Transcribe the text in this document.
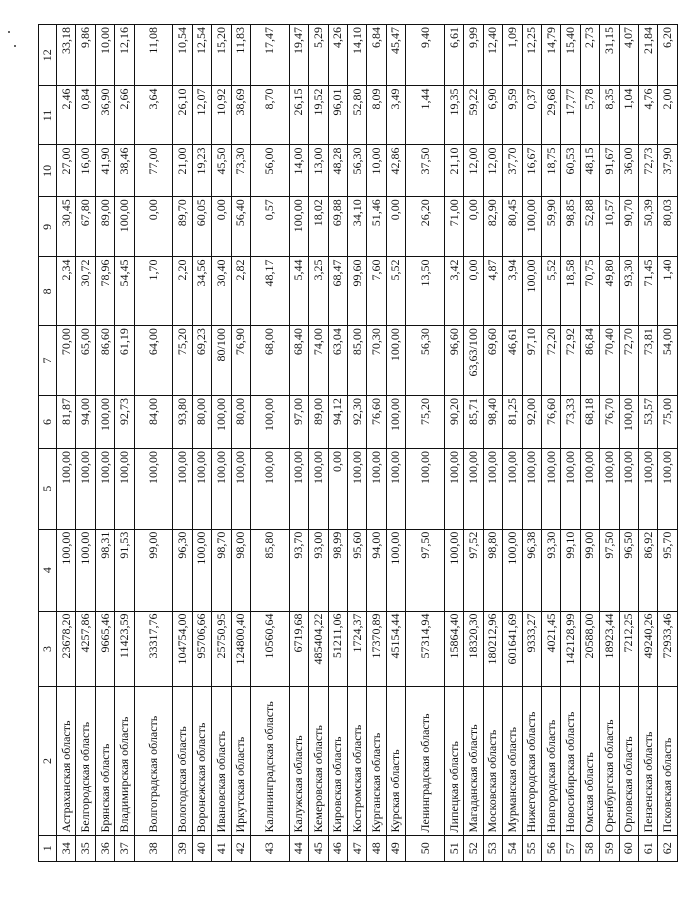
1	2	3	4	5	6	7	8	9	10	11	12
34	Астраханская область	23678,20	100,00	100,00	81,87	70,00	2,34	30,45	27,00	2,46	33,18
35	Белгородская область	4257,86	100,00	100,00	94,00	65,00	30,72	67,80	16,00	0,84	9,86
36	Брянская область	9665,46	98,31	100,00	100,00	86,60	78,96	89,00	41,90	36,90	10,00
37	Владимирская область	11423,59	91,53	100,00	92,73	61,19	54,45	100,00	38,46	2,66	12,16
38	Волгоградская область	33317,76	99,00	100,00	84,00	64,00	1,70	0,00	77,00	3,64	11,08
39	Вологодская область	104754,00	96,30	100,00	93,80	75,20	2,20	89,70	21,00	26,10	10,54
40	Воронежская область	95706,66	100,00	100,00	80,00	69,23	34,56	60,05	19,23	12,07	12,54
41	Ивановская область	25750,95	98,70	100,00	100,00	80/100	30,40	0,00	45,50	10,92	15,20
42	Иркутская область	124800,40	98,00	100,00	80,00	76,90	2,82	56,40	73,30	38,69	11,83
43	Калининградская область	10560,64	85,80	100,00	100,00	68,00	48,17	0,57	56,00	8,70	17,47
44	Калужская область	6719,68	93,70	100,00	97,00	68,40	5,44	100,00	14,00	26,15	19,47
45	Кемеровская область	485404,22	93,00	100,00	89,00	74,00	3,25	18,02	13,00	19,52	5,29
46	Кировская область	51211,06	98,99	0,00	94,12	63,04	68,47	69,88	48,28	96,01	4,26
47	Костромская область	1724,37	95,60	100,00	92,30	85,00	99,60	34,10	56,30	52,80	14,10
48	Курганская область	17370,89	94,00	100,00	76,60	70,30	7,60	51,46	10,00	8,09	6,84
49	Курская область	45154,44	100,00	100,00	100,00	100,00	5,52	0,00	42,86	3,49	45,47
50	Ленинградская область	57314,94	97,50	100,00	75,20	56,30	13,50	26,20	37,50	1,44	9,40
51	Липецкая область	15864,40	100,00	100,00	90,20	96,60	3,42	71,00	21,10	19,35	6,61
52	Магаданская область	18320,30	97,52	100,00	85,71	63,63/100	0,00	0,00	12,00	59,22	9,99
53	Московская область	180212,96	98,80	100,00	98,40	69,60	4,87	82,90	12,00	6,90	12,40
54	Мурманская область	601641,69	100,00	100,00	81,25	46,61	3,94	80,45	37,70	9,59	1,09
55	Нижегородская область	9333,27	96,38	100,00	92,00	97,10	100,00	100,00	16,67	0,37	12,25
56	Новгородская область	4021,45	93,30	100,00	76,60	72,20	5,52	59,90	18,75	29,68	14,79
57	Новосибирская область	142128,99	99,10	100,00	73,33	72,92	18,58	98,85	60,53	17,77	15,40
58	Омская область	20588,00	99,00	100,00	68,18	86,84	70,75	52,88	48,15	5,78	2,73
59	Оренбургская область	18923,44	97,50	100,00	76,70	70,40	49,80	10,57	91,67	8,35	31,15
60	Орловская область	7212,25	96,50	100,00	100,00	72,70	93,30	90,70	36,00	1,04	4,07
61	Пензенская область	49240,26	86,92	100,00	53,57	73,81	71,45	50,39	72,73	4,76	21,84
62	Псковская область	72933,46	95,70	100,00	75,00	54,00	1,40	80,03	37,90	2,00	6,20
